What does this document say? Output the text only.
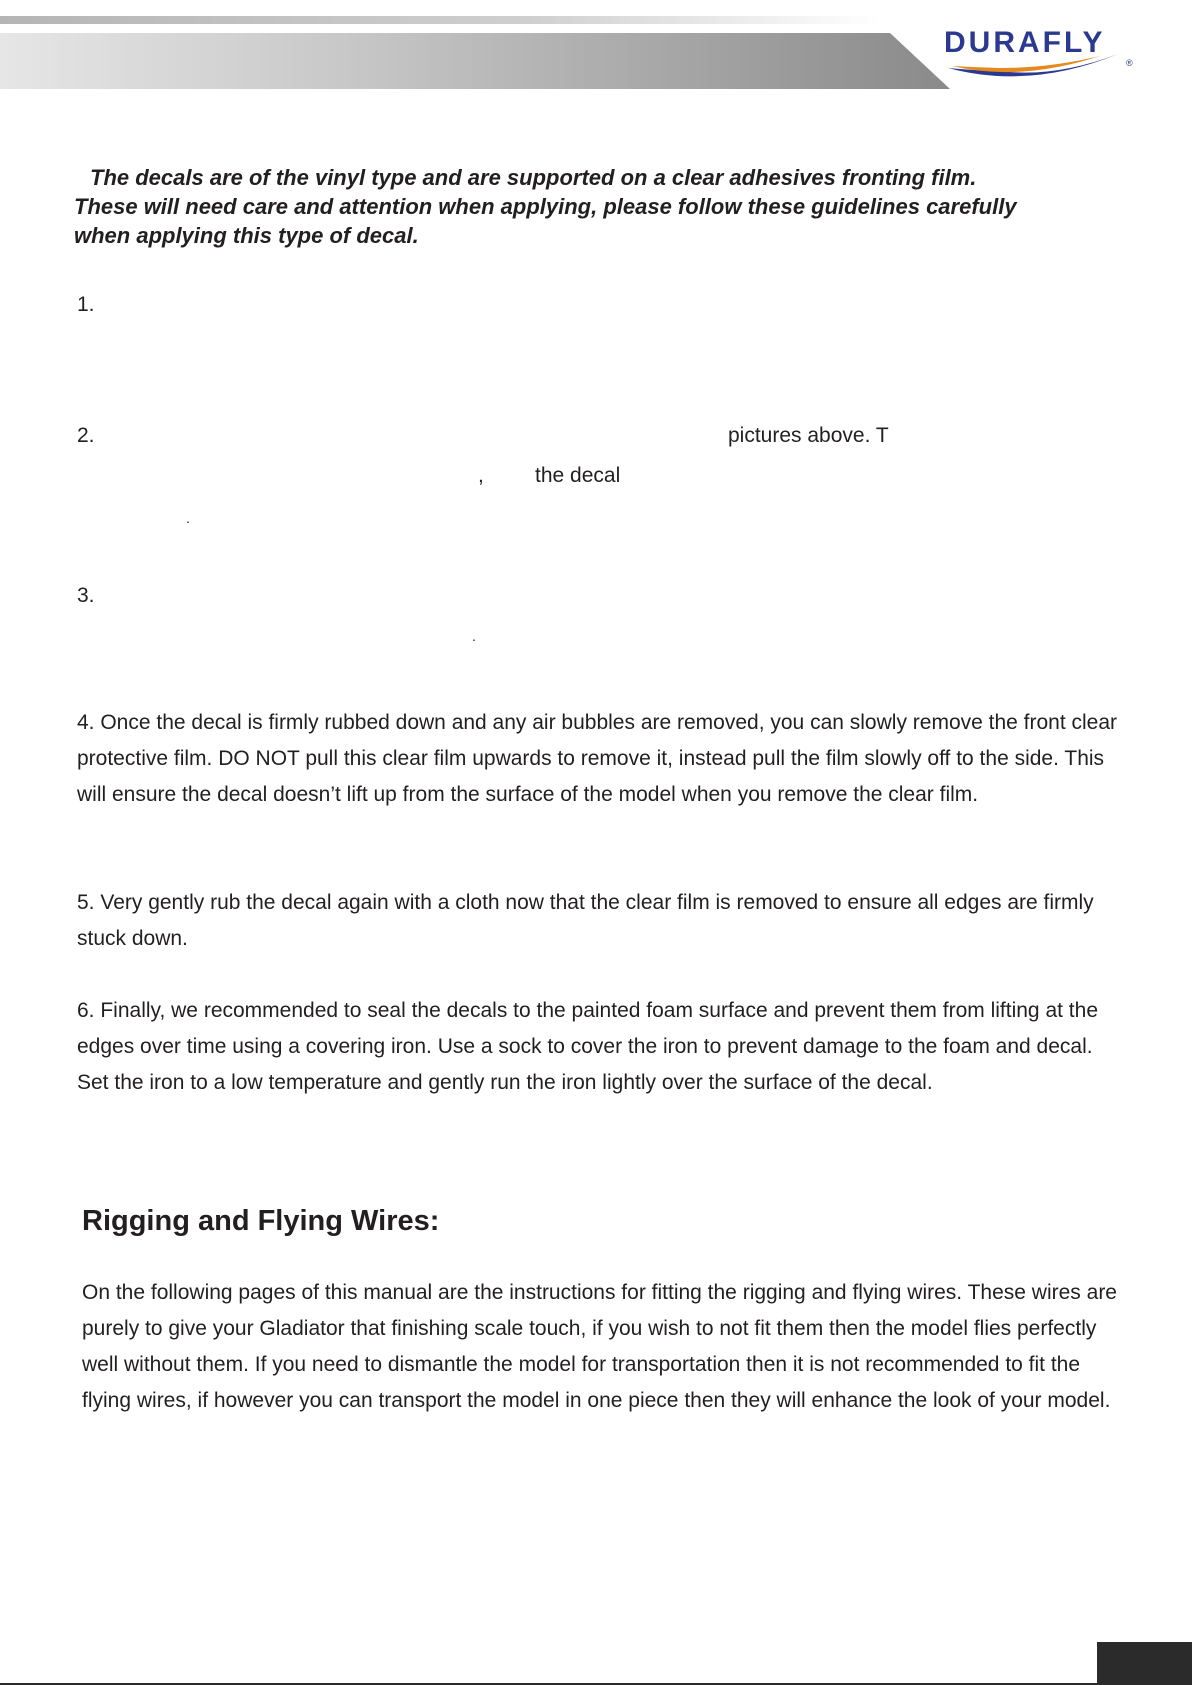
DURAFLY
®
The decals are of the vinyl type and are supported on a clear adhesives fronting film.
These will need care and attention when applying, please follow these guidelines carefully
when applying this type of decal.
1.
2.	pictures above. T
, the decal
.
3.
.

4. Once the decal is firmly rubbed down and any air bubbles are removed, you can slowly remove the front clear protective film. DO NOT pull this clear film upwards to remove it, instead pull the film slowly off to the side. This will ensure the decal doesn’t lift up from the surface of the model when you remove the clear film.

5. Very gently rub the decal again with a cloth now that the clear film is removed to ensure all edges are firmly stuck down.

6. Finally, we recommended to seal the decals to the painted foam surface and prevent them from lifting at the edges over time using a covering iron. Use a sock to cover the iron to prevent damage to the foam and decal. Set the iron to a low temperature and gently run the iron lightly over the surface of the decal.

Rigging and Flying Wires:

On the following pages of this manual are the instructions for fitting the rigging and flying wires. These wires are purely to give your Gladiator that finishing scale touch, if you wish to not fit them then the model flies perfectly well without them. If you need to dismantle the model for transportation then it is not recommended to fit the flying wires, if however you can transport the model in one piece then they will enhance the look of your model.
